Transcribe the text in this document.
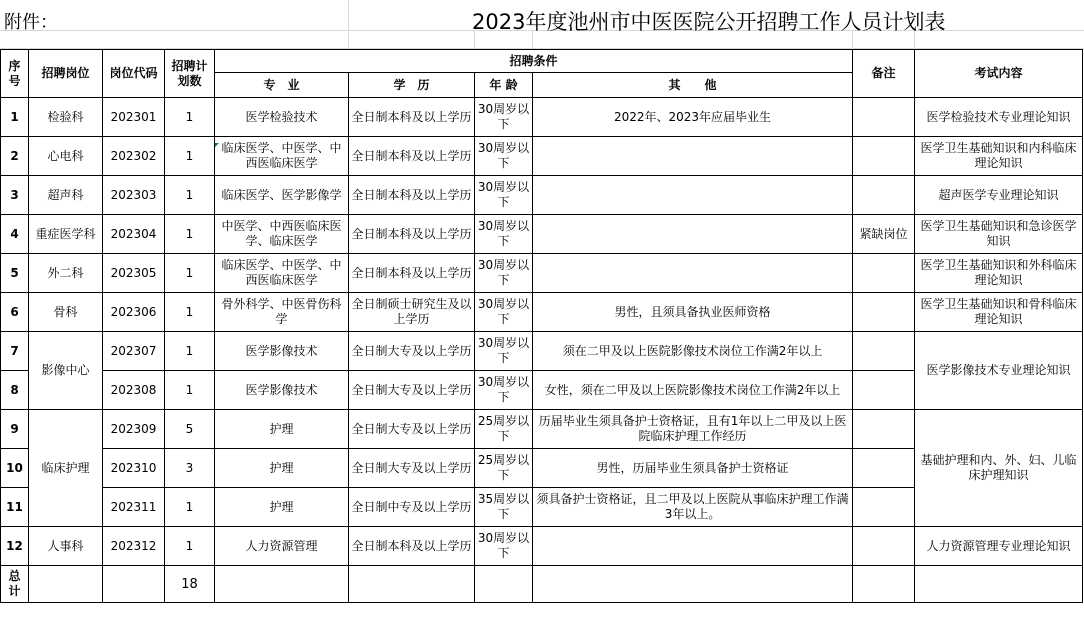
附件：	2023年度池州市中医医院公开招聘工作人员计划表
序号	招聘岗位	岗位代码	招聘计划数	招聘条件				备注	考试内容
				专　业	学　历	年 龄	其　　他		
1	检验科	202301	1	医学检验技术	全日制本科及以上学历	30周岁以下	2022年、2023年应届毕业生		医学检验技术专业理论知识
2	心电科	202302	1	临床医学、中医学、中西医临床医学	全日制本科及以上学历	30周岁以下			医学卫生基础知识和内科临床理论知识
3	超声科	202303	1	临床医学、医学影像学	全日制本科及以上学历	30周岁以下			超声医学专业理论知识
4	重症医学科	202304	1	中医学、中西医临床医学、临床医学	全日制本科及以上学历	30周岁以下		紧缺岗位	医学卫生基础知识和急诊医学知识
5	外二科	202305	1	临床医学、中医学、中西医临床医学	全日制本科及以上学历	30周岁以下			医学卫生基础知识和外科临床理论知识
6	骨科	202306	1	骨外科学、中医骨伤科学	全日制硕士研究生及以上学历	30周岁以下	男性，且须具备执业医师资格		医学卫生基础知识和骨科临床理论知识
7	影像中心	202307	1	医学影像技术	全日制大专及以上学历	30周岁以下	须在二甲及以上医院影像技术岗位工作满2年以上		医学影像技术专业理论知识
8		202308	1	医学影像技术	全日制大专及以上学历	30周岁以下	女性，须在二甲及以上医院影像技术岗位工作满2年以上		
9	临床护理	202309	5	护理	全日制大专及以上学历	25周岁以下	历届毕业生须具备护士资格证，且有1年以上二甲及以上医院临床护理工作经历		基础护理和内、外、妇、儿临床护理知识
10		202310	3	护理	全日制大专及以上学历	25周岁以下	男性，历届毕业生须具备护士资格证		
11		202311	1	护理	全日制中专及以上学历	35周岁以下	须具备护士资格证，且二甲及以上医院从事临床护理工作满3年以上。		
12	人事科	202312	1	人力资源管理	全日制本科及以上学历	30周岁以下			人力资源管理专业理论知识
总计			18						
